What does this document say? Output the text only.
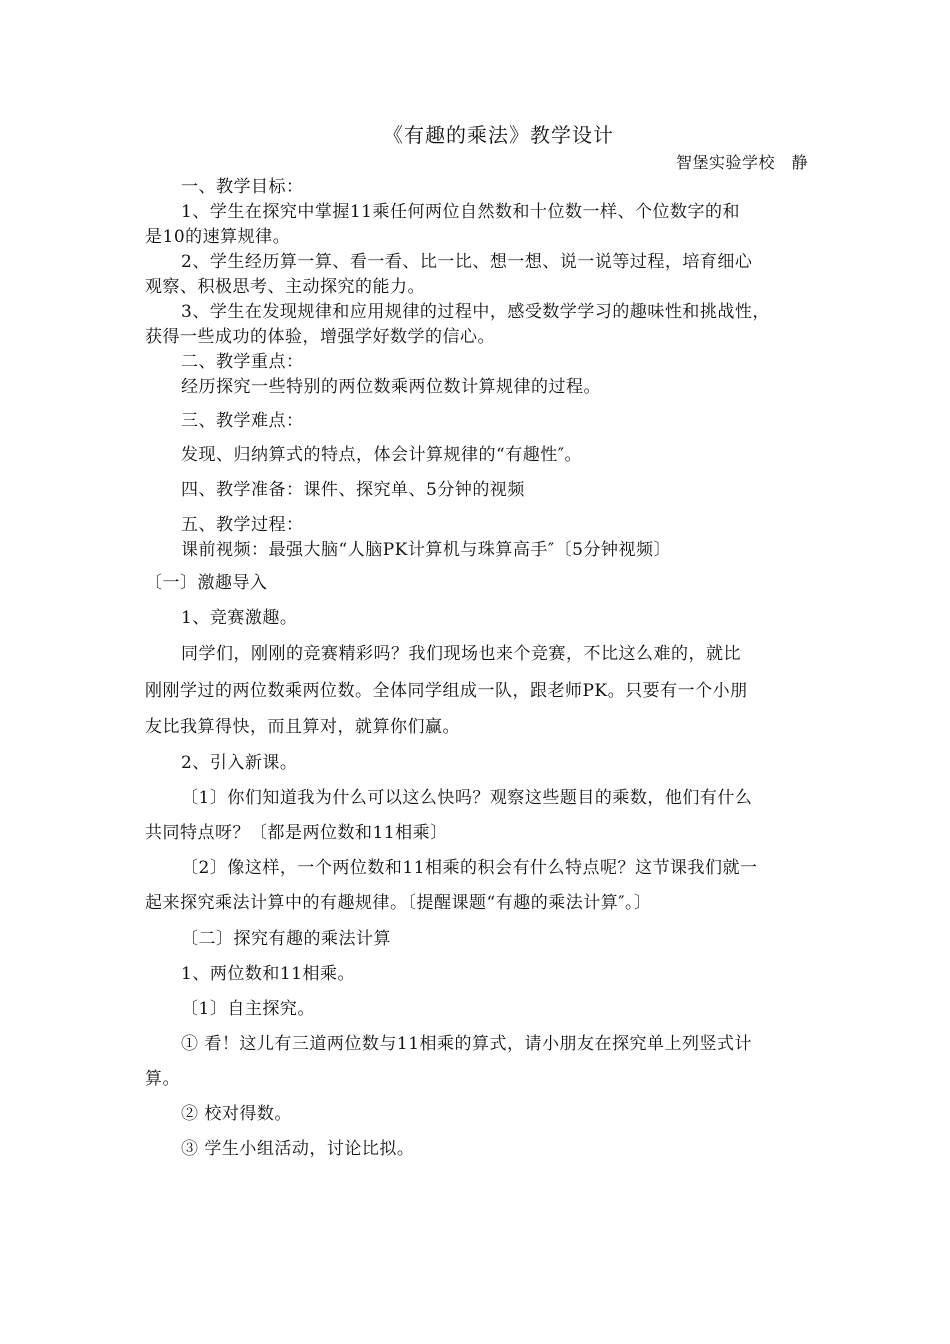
《有趣的乘法》教学设计
智堡实验学校　静
一、教学目标：
1、学生在探究中掌握11乘任何两位自然数和十位数一样、个位数字的和
是10的速算规律。
2、学生经历算一算、看一看、比一比、想一想、说一说等过程，培育细心
观察、积极思考、主动探究的能力。
3、学生在发现规律和应用规律的过程中，感受数学学习的趣味性和挑战性，
获得一些成功的体验，增强学好数学的信心。
二、教学重点：
经历探究一些特别的两位数乘两位数计算规律的过程。
三、教学难点：
发现、归纳算式的特点，体会计算规律的“有趣性″。
四、教学准备：课件、探究单、5分钟的视频
五、教学过程：
课前视频：最强大脑“人脑PK计算机与珠算高手″〔5分钟视频〕
〔一〕激趣导入
1、竞赛激趣。
同学们，刚刚的竞赛精彩吗？我们现场也来个竞赛，不比这么难的，就比
刚刚学过的两位数乘两位数。全体同学组成一队，跟老师PK。只要有一个小朋
友比我算得快，而且算对，就算你们赢。
2、引入新课。
〔1〕你们知道我为什么可以这么快吗？观察这些题目的乘数，他们有什么
共同特点呀？〔都是两位数和11相乘〕
〔2〕像这样，一个两位数和11相乘的积会有什么特点呢？这节课我们就一
起来探究乘法计算中的有趣规律。〔提醒课题“有趣的乘法计算″。〕
〔二〕探究有趣的乘法计算
1、两位数和11相乘。
〔1〕自主探究。
① 看！这儿有三道两位数与11相乘的算式，请小朋友在探究单上列竖式计
算。
② 校对得数。
③ 学生小组活动，讨论比拟。
